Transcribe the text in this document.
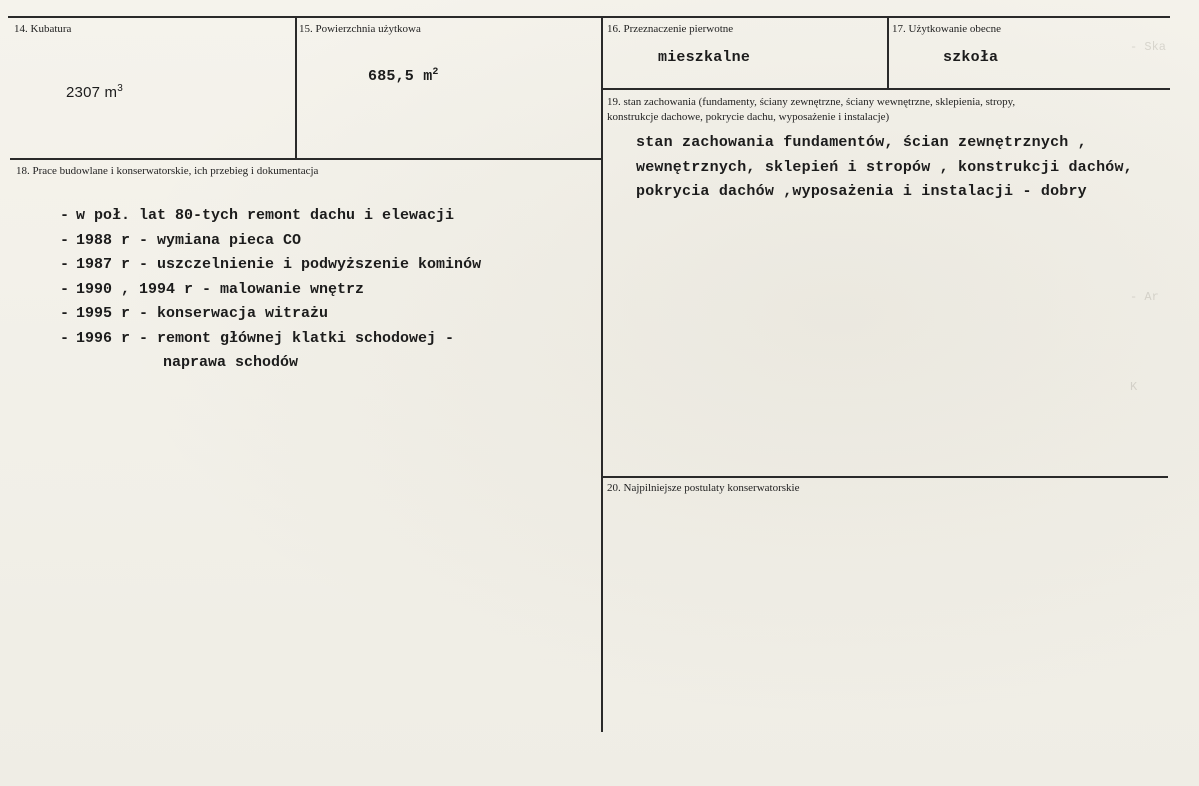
- Ska
- Ar
K
14. Kubatura
2307 $m^3$
15. Powierzchnia użytkowa
685,5 $m^2$
16. Przeznaczenie pierwotne
mieszkalne
17. Użytkowanie obecne
szkoła
18. Prace budowlane i konserwatorskie, ich przebieg i dokumentacja
- w poł. lat 80-tych remont dachu i elewacji
- 1988 r - wymiana pieca CO
- 1987 r - uszczelnienie i podwyższenie kominów
- 1990 , 1994 r - malowanie wnętrz
- 1995 r - konserwacja witrażu
- 1996 r - remont głównej klatki schodowej -
naprawa schodów
19. stan zachowania (fundamenty, ściany zewnętrzne, ściany wewnętrzne, sklepienia, stropy,
konstrukcje dachowe, pokrycie dachu, wyposażenie i instalacje)
stan zachowania fundamentów, ścian zewnętrznych ,
wewnętrznych, sklepień i stropów , konstrukcji dachów,
pokrycia dachów ,wyposażenia i instalacji - dobry
20. Najpilniejsze postulaty konserwatorskie
